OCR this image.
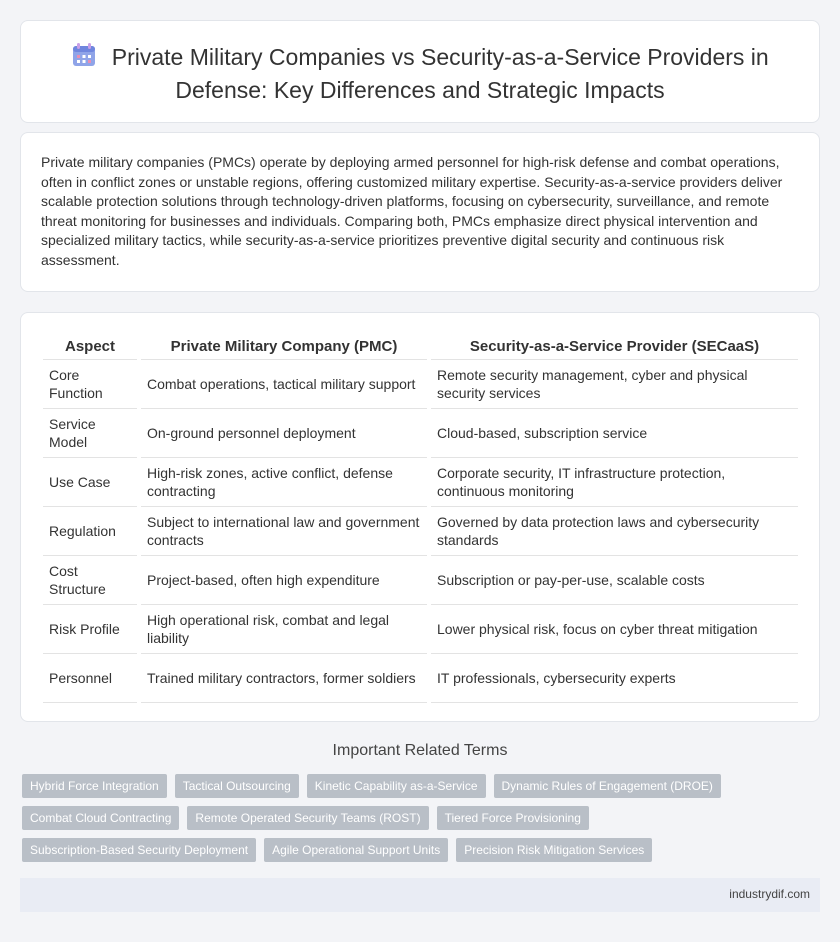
Private Military Companies vs Security-as-a-Service Providers in Defense: Key Differences and Strategic Impacts

Private military companies (PMCs) operate by deploying armed personnel for high-risk defense and combat operations, often in conflict zones or unstable regions, offering customized military expertise. Security-as-a-service providers deliver scalable protection solutions through technology-driven platforms, focusing on cybersecurity, surveillance, and remote threat monitoring for businesses and individuals. Comparing both, PMCs emphasize direct physical intervention and specialized military tactics, while security-as-a-service prioritizes preventive digital security and continuous risk assessment.

Aspect		Private Military Company (PMC)		Security-as-a-Service Provider (SECaaS)
Core Function		Combat operations, tactical military support		Remote security management, cyber and physical security services
Service Model		On-ground personnel deployment		Cloud-based, subscription service
Use Case		High-risk zones, active conflict, defense contracting		Corporate security, IT infrastructure protection, continuous monitoring
Regulation		Subject to international law and government contracts		Governed by data protection laws and cybersecurity standards
Cost Structure		Project-based, often high expenditure		Subscription or pay-per-use, scalable costs
Risk Profile		High operational risk, combat and legal liability		Lower physical risk, focus on cyber threat mitigation
Personnel		Trained military contractors, former soldiers		IT professionals, cybersecurity experts
Important Related Terms
Hybrid Force Integration	Tactical Outsourcing	Kinetic Capability as-a-Service	Dynamic Rules of Engagement (DROE)
Combat Cloud Contracting	Remote Operated Security Teams (ROST)	Tiered Force Provisioning
Subscription-Based Security Deployment	Agile Operational Support Units	Precision Risk Mitigation Services
industrydif.com
